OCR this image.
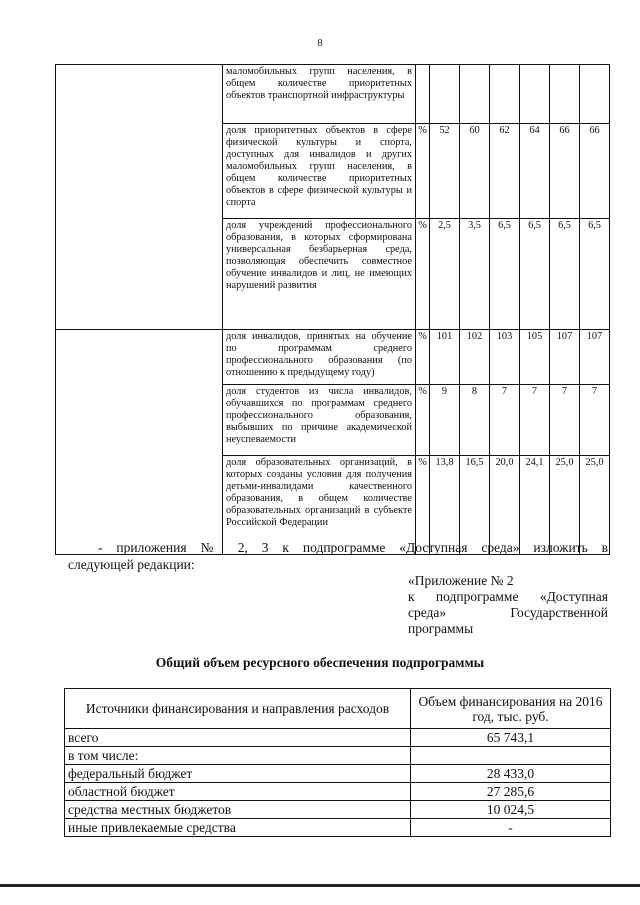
8
	маломобильных групп населения, в общем количестве приоритетных объектов транспортной инфраструктуры							
	доля приоритетных объектов в сфере физической культуры и спорта, доступных для инвалидов и других маломобильных групп населения, в общем количестве приоритетных объектов в сфере физической культуры и спорта	%	52	60	62	64	66	66
	доля учреждений профессионального образования, в которых сформирована универсальная безбарьерная среда, позволяющая обеспечить совместное обучение инвалидов и лиц, не имеющих нарушений развития	%	2,5	3,5	6,5	6,5	6,5	6,5
	доля инвалидов, принятых на обучение по программам среднего профессионального образования (по отношению к предыдущему году)	%	101	102	103	105	107	107
	доля студентов из числа инвалидов, обучавшихся по программам среднего профессионального образования, выбывших по причине академической неуспеваемости	%	9	8	7	7	7	7
	доля образовательных организаций, в которых созданы условия для получения детьми-инвалидами качественного образования, в общем количестве образовательных организаций в субъекте Российской Федерации	%	13,8	16,5	20,0	24,1	25,0	25,0
- приложения № 2, 3 к подпрограмме «Доступная среда» изложить в
следующей редакции:
«Приложение № 2
к подпрограмме «Доступная
среда» Государственной
программы
Общий объем ресурсного обеспечения подпрограммы
Источники финансирования и направления расходов	Объем финансирования на 2016 год, тыс. руб.
всего	65 743,1
в том числе:	
федеральный бюджет	28 433,0
областной бюджет	27 285,6
средства местных бюджетов	10 024,5
иные привлекаемые средства	-
